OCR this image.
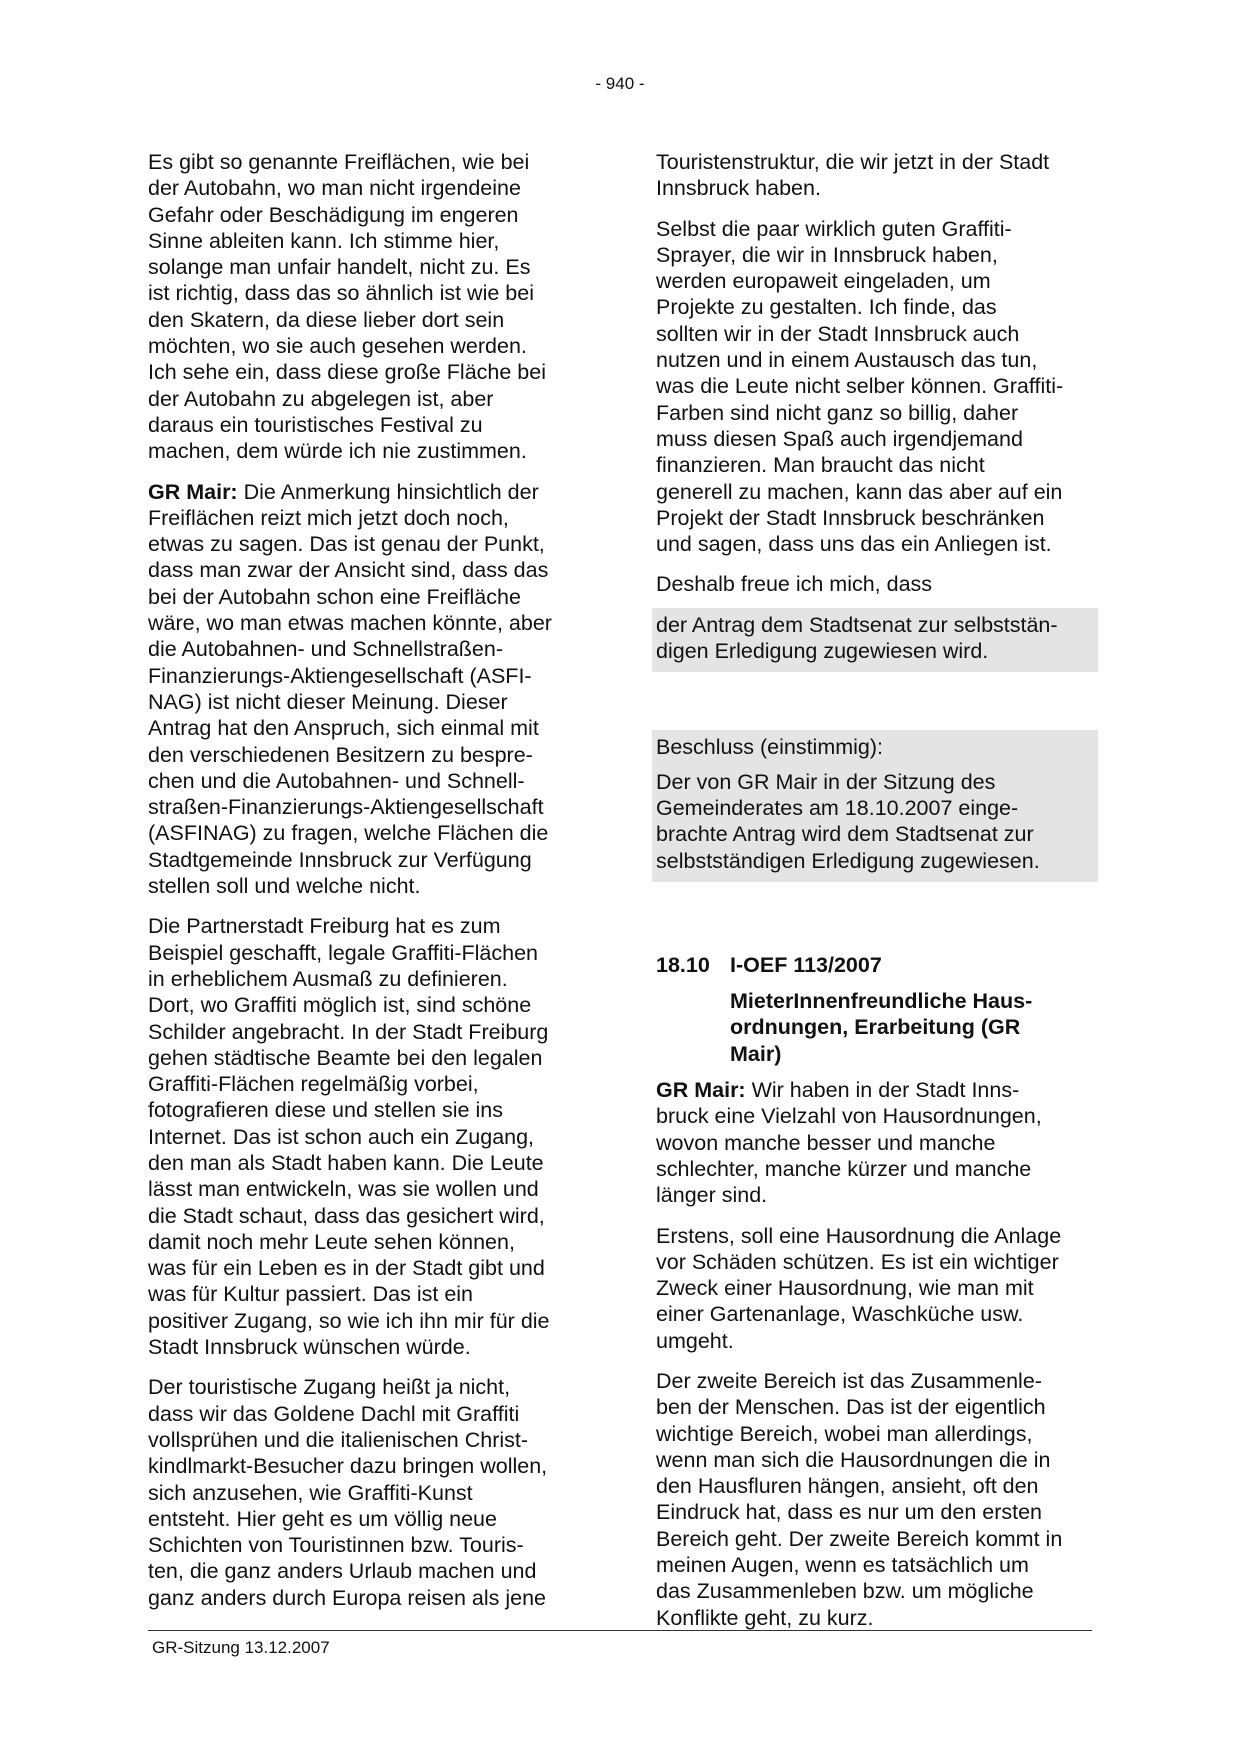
- 940 -
Es gibt so genannte Freiflächen, wie bei
der Autobahn, wo man nicht irgendeine
Gefahr oder Beschädigung im engeren
Sinne ableiten kann. Ich stimme hier,
solange man unfair handelt, nicht zu. Es
ist richtig, dass das so ähnlich ist wie bei
den Skatern, da diese lieber dort sein
möchten, wo sie auch gesehen werden.
Ich sehe ein, dass diese große Fläche bei
der Autobahn zu abgelegen ist, aber
daraus ein touristisches Festival zu
machen, dem würde ich nie zustimmen.
GR Mair: Die Anmerkung hinsichtlich der
Freiflächen reizt mich jetzt doch noch,
etwas zu sagen. Das ist genau der Punkt,
dass man zwar der Ansicht sind, dass das
bei der Autobahn schon eine Freifläche
wäre, wo man etwas machen könnte, aber
die Autobahnen- und Schnellstraßen-
Finanzierungs-Aktiengesellschaft (ASFI-
NAG) ist nicht dieser Meinung. Dieser
Antrag hat den Anspruch, sich einmal mit
den verschiedenen Besitzern zu bespre-
chen und die Autobahnen- und Schnell-
straßen-Finanzierungs-Aktiengesellschaft
(ASFINAG) zu fragen, welche Flächen die
Stadtgemeinde Innsbruck zur Verfügung
stellen soll und welche nicht.
Die Partnerstadt Freiburg hat es zum
Beispiel geschafft, legale Graffiti-Flächen
in erheblichem Ausmaß zu definieren.
Dort, wo Graffiti möglich ist, sind schöne
Schilder angebracht. In der Stadt Freiburg
gehen städtische Beamte bei den legalen
Graffiti-Flächen regelmäßig vorbei,
fotografieren diese und stellen sie ins
Internet. Das ist schon auch ein Zugang,
den man als Stadt haben kann. Die Leute
lässt man entwickeln, was sie wollen und
die Stadt schaut, dass das gesichert wird,
damit noch mehr Leute sehen können,
was für ein Leben es in der Stadt gibt und
was für Kultur passiert. Das ist ein
positiver Zugang, so wie ich ihn mir für die
Stadt Innsbruck wünschen würde.
Der touristische Zugang heißt ja nicht,
dass wir das Goldene Dachl mit Graffiti
vollsprühen und die italienischen Christ-
kindlmarkt-Besucher dazu bringen wollen,
sich anzusehen, wie Graffiti-Kunst
entsteht. Hier geht es um völlig neue
Schichten von Touristinnen bzw. Touris-
ten, die ganz anders Urlaub machen und
ganz anders durch Europa reisen als jene
Touristenstruktur, die wir jetzt in der Stadt
Innsbruck haben.
Selbst die paar wirklich guten Graffiti-
Sprayer, die wir in Innsbruck haben,
werden europaweit eingeladen, um
Projekte zu gestalten. Ich finde, das
sollten wir in der Stadt Innsbruck auch
nutzen und in einem Austausch das tun,
was die Leute nicht selber können. Graffiti-
Farben sind nicht ganz so billig, daher
muss diesen Spaß auch irgendjemand
finanzieren. Man braucht das nicht
generell zu machen, kann das aber auf ein
Projekt der Stadt Innsbruck beschränken
und sagen, dass uns das ein Anliegen ist.
Deshalb freue ich mich, dass
der Antrag dem Stadtsenat zur selbststän-
digen Erledigung zugewiesen wird.
Beschluss (einstimmig):
Der von GR Mair in der Sitzung des
Gemeinderates am 18.10.2007 einge-
brachte Antrag wird dem Stadtsenat zur
selbstständigen Erledigung zugewiesen.
18.10 I-OEF 113/2007
MieterInnenfreundliche Haus-
ordnungen, Erarbeitung (GR
Mair)
GR Mair: Wir haben in der Stadt Inns-
bruck eine Vielzahl von Hausordnungen,
wovon manche besser und manche
schlechter, manche kürzer und manche
länger sind.
Erstens, soll eine Hausordnung die Anlage
vor Schäden schützen. Es ist ein wichtiger
Zweck einer Hausordnung, wie man mit
einer Gartenanlage, Waschküche usw.
umgeht.
Der zweite Bereich ist das Zusammenle-
ben der Menschen. Das ist der eigentlich
wichtige Bereich, wobei man allerdings,
wenn man sich die Hausordnungen die in
den Hausfluren hängen, ansieht, oft den
Eindruck hat, dass es nur um den ersten
Bereich geht. Der zweite Bereich kommt in
meinen Augen, wenn es tatsächlich um
das Zusammenleben bzw. um mögliche
Konflikte geht, zu kurz.
GR-Sitzung 13.12.2007
